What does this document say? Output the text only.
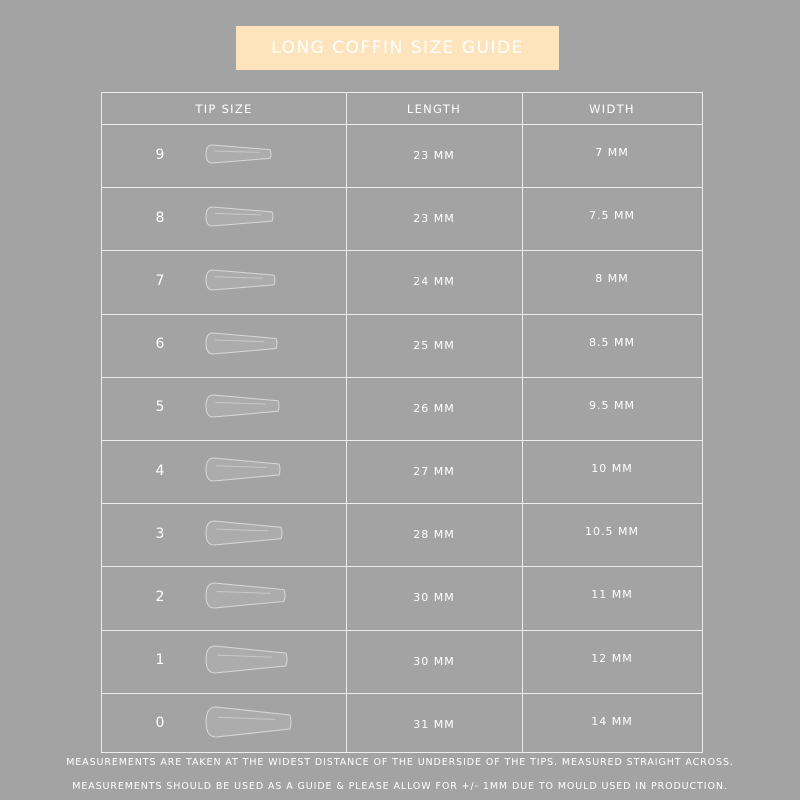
LONG COFFIN SIZE GUIDE
TIP SIZE	LENGTH	WIDTH
9	23 MM	7 MM
8	23 MM	7.5 MM
7	24 MM	8 MM
6	25 MM	8.5 MM
5	26 MM	9.5 MM
4	27 MM	10 MM
3	28 MM	10.5 MM
2	30 MM	11 MM
1	30 MM	12 MM
0	31 MM	14 MM
MEASUREMENTS ARE TAKEN AT THE WIDEST DISTANCE OF THE UNDERSIDE OF THE TIPS. MEASURED STRAIGHT ACROSS.
MEASUREMENTS SHOULD BE USED AS A GUIDE & PLEASE ALLOW FOR +/- 1MM DUE TO MOULD USED IN PRODUCTION.
